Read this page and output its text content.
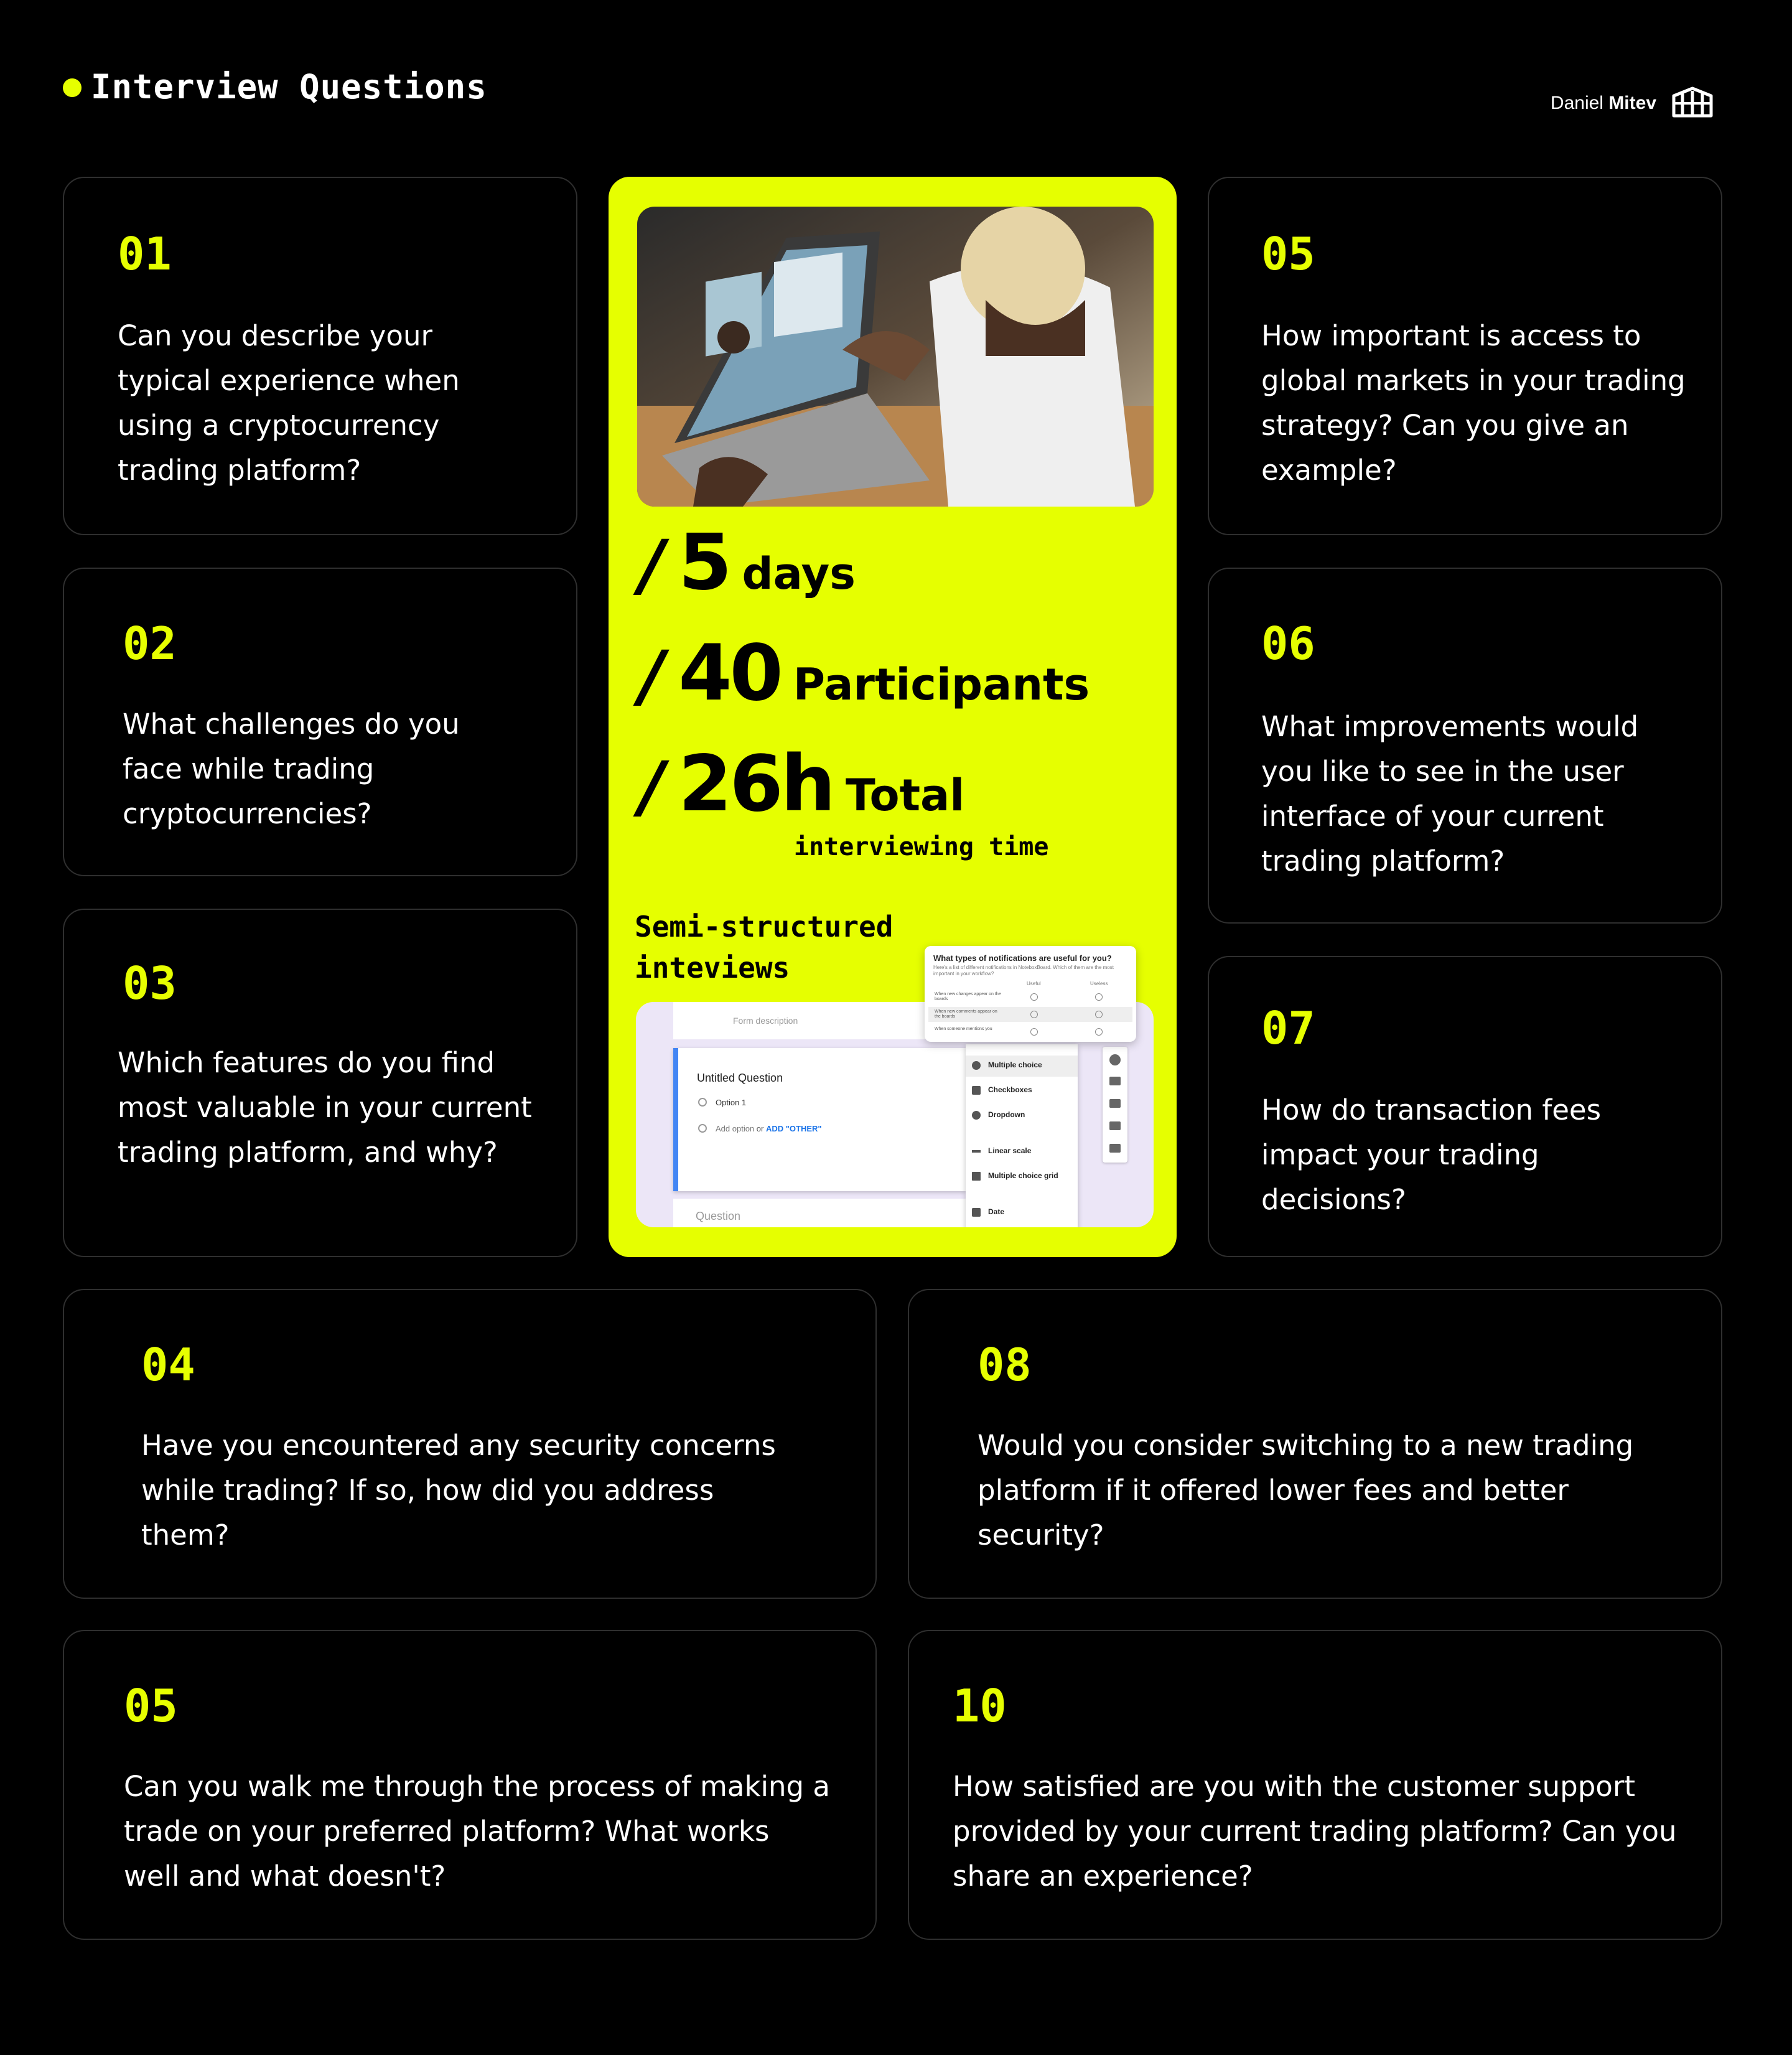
Interview Questions	Daniel Mitev
01
Can you describe your typical experience when using a cryptocurrency trading platform?
02
What challenges do you face while trading cryptocurrencies?
03
Which features do you find most valuable in your current trading platform, and why?
05
How important is access to global markets in your trading strategy? Can you give an example?
06
What improvements would you like to see in the user interface of your current trading platform?
07
How do transaction fees impact your trading decisions?
/ 5 days
/ 40 Participants
/ 26h Total
interviewing time
Semi-structured inteviews
Form description
Untitled Question
Option 1
Add option or ADD "OTHER"
Question
Multiple choice
Checkboxes
Dropdown
Linear scale
Multiple choice grid
Date
What types of notifications are useful for you?
Here's a list of different notifications in NoteboxBoard. Which of them are the most important in your workflow?
Useful	Useless
When new changes appear on the boards
When new comments appear on the boards
When someone mentions you
04
Have you encountered any security concerns while trading? If so, how did you address them?
08
Would you consider switching to a new trading platform if it offered lower fees and better security?
05
Can you walk me through the process of making a trade on your preferred platform? What works well and what doesn't?
10
How satisfied are you with the customer support provided by your current trading platform? Can you share an experience?
